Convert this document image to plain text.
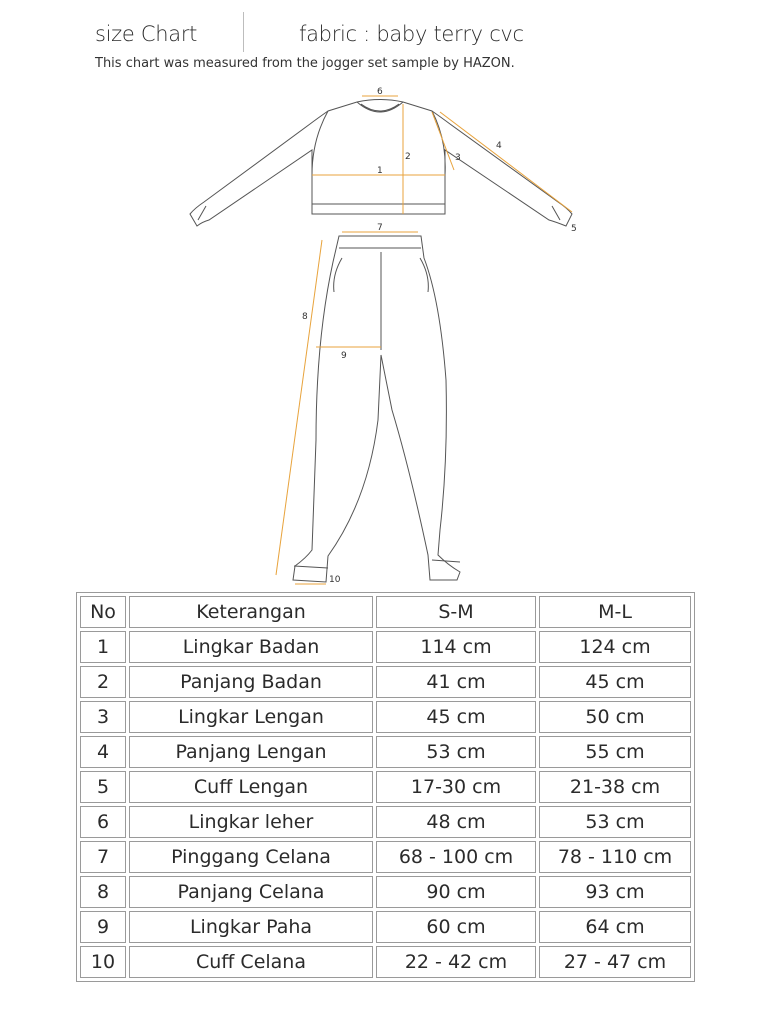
size Chart	fabric : baby terry cvc
This chart was measured from the jogger set sample by HAZON.
1
2	3
4
5
6
7
8
9
10
No	Keterangan	S-M	M-L
1	Lingkar Badan	114 cm	124 cm
2	Panjang Badan	41 cm	45 cm
3	Lingkar Lengan	45 cm	50 cm
4	Panjang Lengan	53 cm	55 cm
5	Cuff Lengan	17-30 cm	21-38 cm
6	Lingkar leher	48 cm	53 cm
7	Pinggang Celana	68 - 100 cm	78 - 110 cm
8	Panjang Celana	90 cm	93 cm
9	Lingkar Paha	60 cm	64 cm
10	Cuff Celana	22 - 42 cm	27 - 47 cm
